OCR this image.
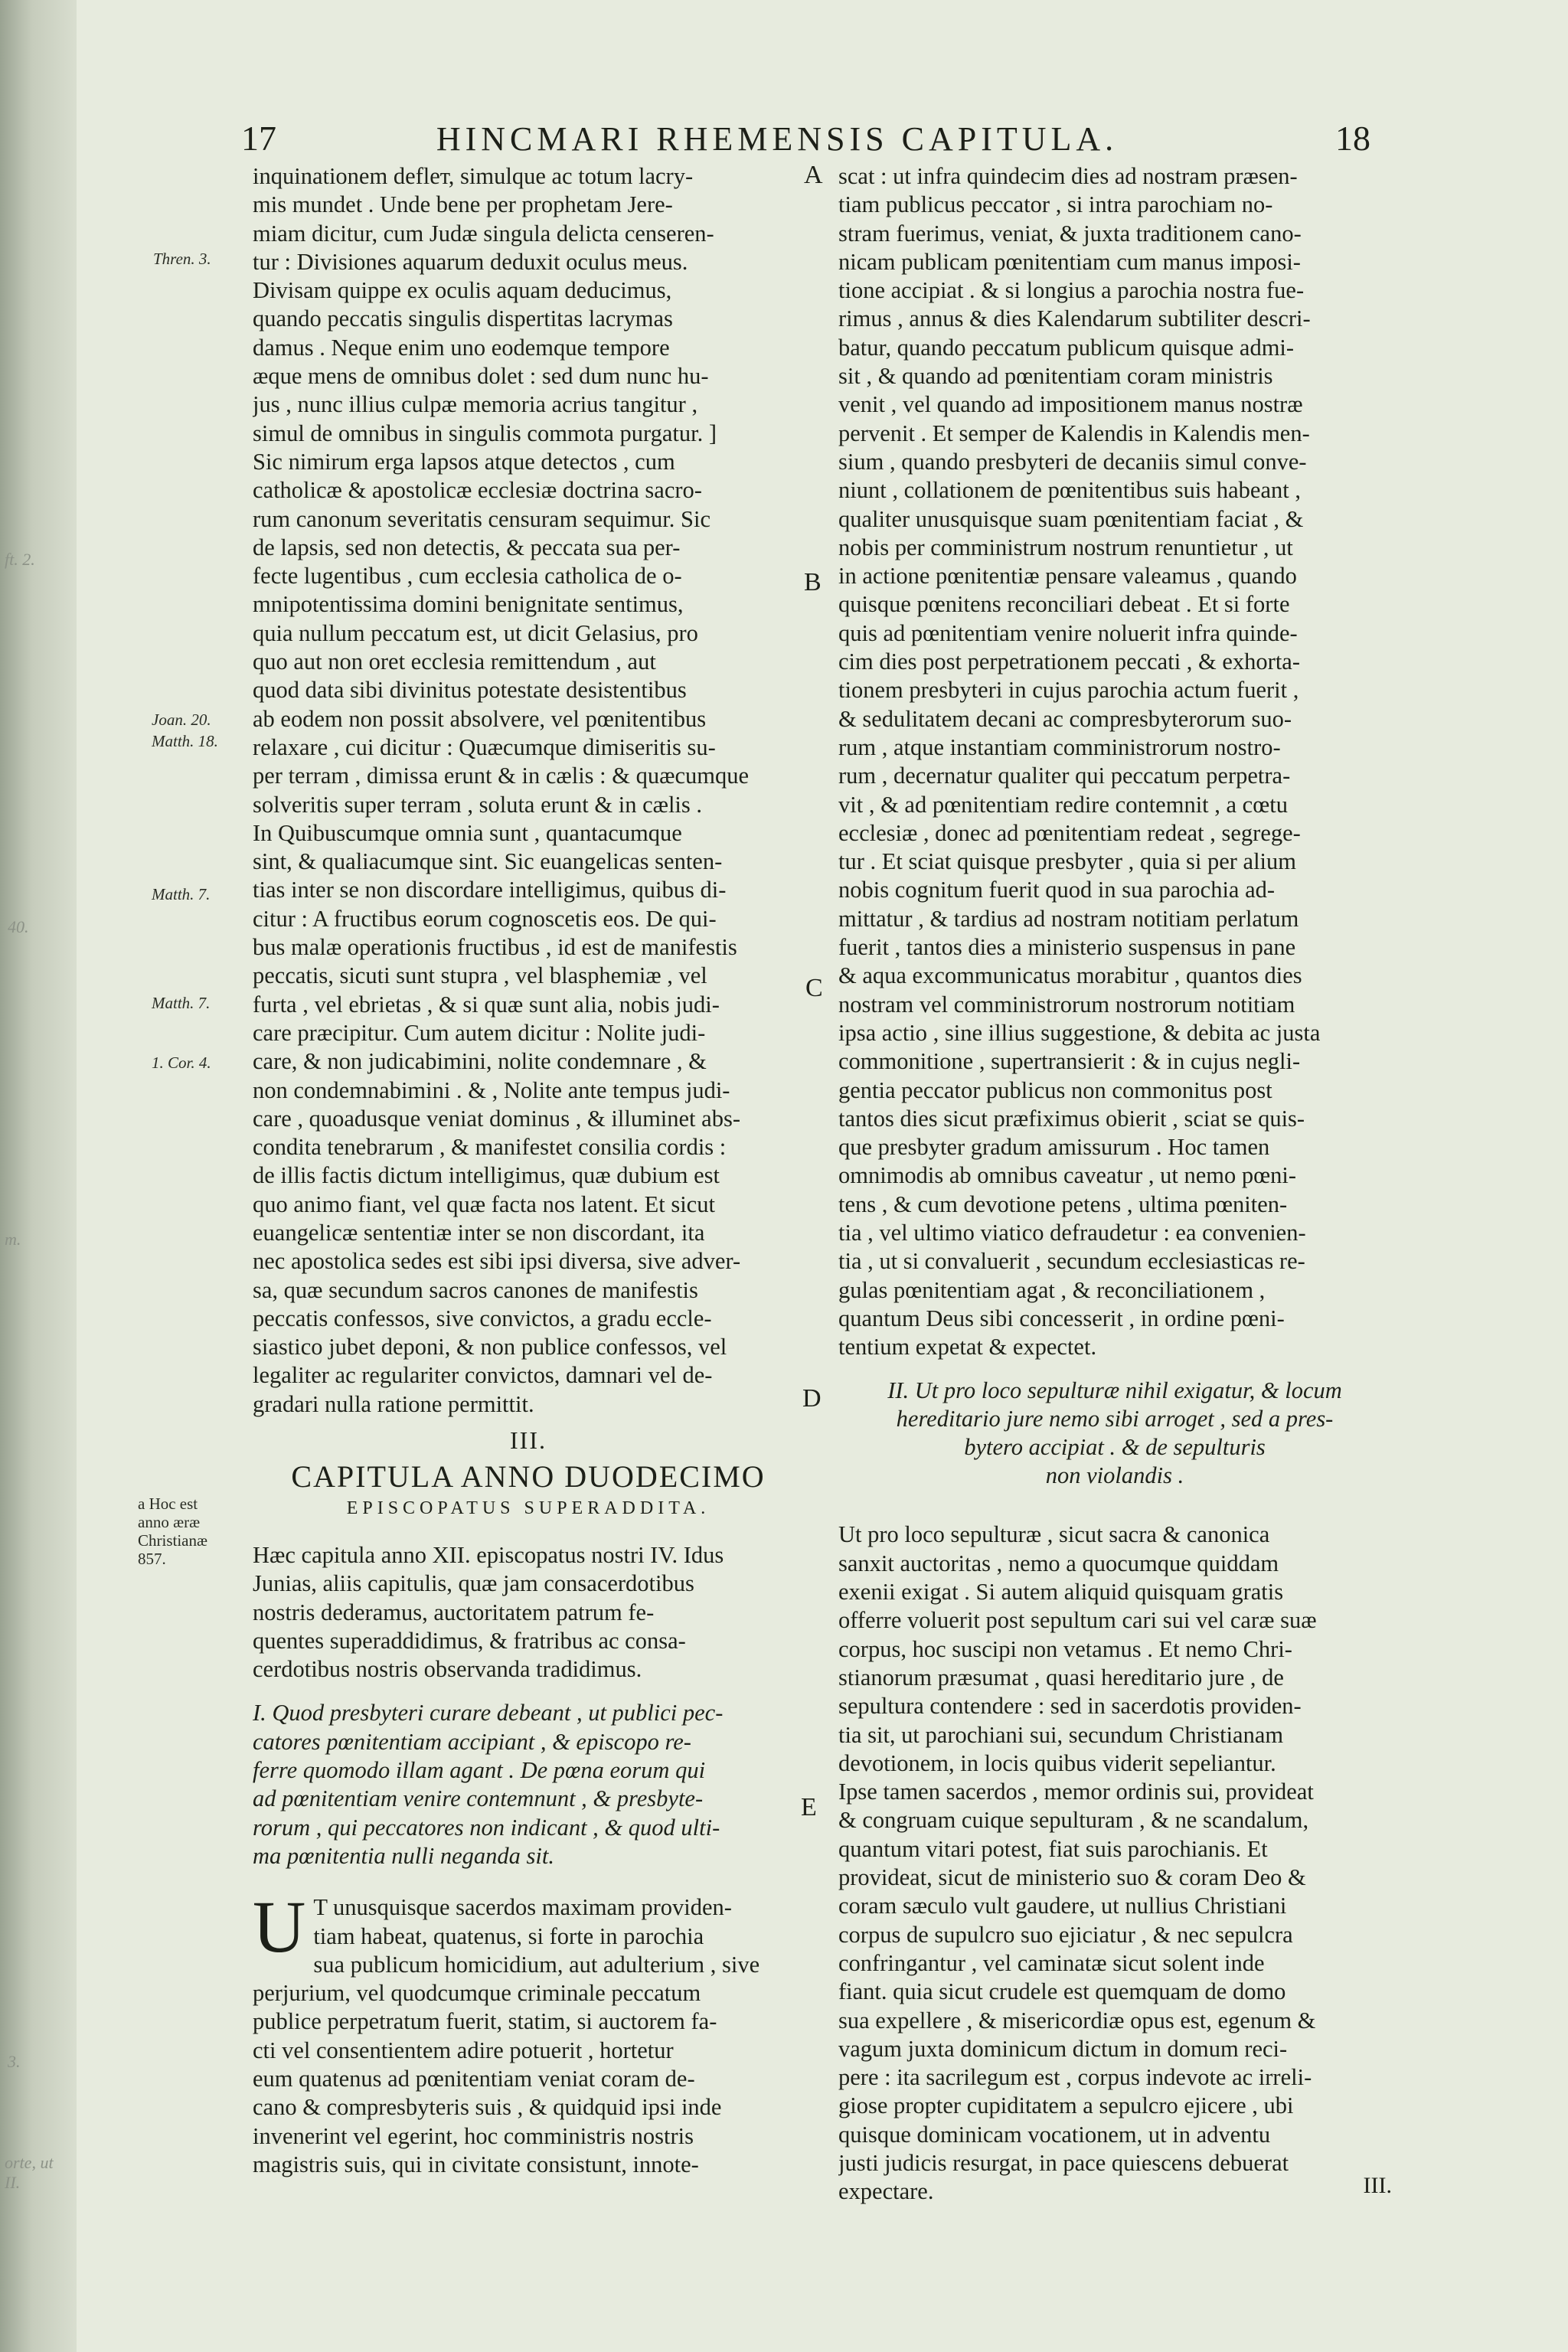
17	HINCMARI RHEMENSIS CAPITULA.	18
ft. 2.
40.
m.
3.
orte, ut II.
Thren. 3.
Joan. 20.
Matth. 18.
Matth. 7.
Matth. 7.
1. Cor. 4.
a Hoc est anno æræ Christianæ 857.
A
B
C
D
E
inquinationem defleт, simulque ac totum lacry-
mis mundet . Unde bene per prophetam Jere-
miam dicitur, cum Judæ singula delicta censeren-
tur : Divisiones aquarum deduxit oculus meus.
Divisam quippe ex oculis aquam deducimus,
quando peccatis singulis dispertitas lacrymas
damus . Neque enim uno eodemque tempore
æque mens de omnibus dolet : sed dum nunc hu-
jus , nunc illius culpæ memoria acrius tangitur ,
simul de omnibus in singulis commota purgatur. ]
Sic nimirum erga lapsos atque detectos , cum
catholicæ & apostolicæ ecclesiæ doctrina sacro-
rum canonum severitatis censuram sequimur. Sic
de lapsis, sed non detectis, & peccata sua per-
fecte lugentibus , cum ecclesia catholica de o-
mnipotentissima domini benignitate sentimus,
quia nullum peccatum est, ut dicit Gelasius, pro
quo aut non oret ecclesia remittendum , aut
quod data sibi divinitus potestate desistentibus
ab eodem non possit absolvere, vel pœnitentibus
relaxare , cui dicitur : Quæcumque dimiseritis su-
per terram , dimissa erunt & in cælis : & quæcumque
solveritis super terram , soluta erunt & in cælis .
In Quibuscumque omnia sunt , quantacumque
sint, & qualiacumque sint. Sic euangelicas senten-
tias inter se non discordare intelligimus, quibus di-
citur : A fructibus eorum cognoscetis eos. De qui-
bus malæ operationis fructibus , id est de manifestis
peccatis, sicuti sunt stupra , vel blasphemiæ , vel
furta , vel ebrietas , & si quæ sunt alia, nobis judi-
care præcipitur. Cum autem dicitur : Nolite judi-
care, & non judicabimini, nolite condemnare , &
non condemnabimini . & , Nolite ante tempus judi-
care , quoadusque veniat dominus , & illuminet abs-
condita tenebrarum , & manifestet consilia cordis :
de illis factis dictum intelligimus, quæ dubium est
quo animo fiant, vel quæ facta nos latent. Et sicut
euangelicæ sententiæ inter se non discordant, ita
nec apostolica sedes est sibi ipsi diversa, sive adver-
sa, quæ secundum sacros canones de manifestis
peccatis confessos, sive convictos, a gradu eccle-
siastico jubet deponi, & non publice confessos, vel
legaliter ac regulariter convictos, damnari vel de-
gradari nulla ratione permittit.
III.
CAPITULA ANNO DUODECIMO
EPISCOPATUS SUPERADDITA.
Hæc capitula anno XII. episcopatus nostri IV. Idus
Junias, aliis capitulis, quæ jam consacerdotibus
nostris dederamus, auctoritatem patrum fe-
quentes superaddidimus, & fratribus ac consa-
cerdotibus nostris observanda tradidimus.
I. Quod presbyteri curare debeant , ut publici pec-
catores pœnitentiam accipiant , & episcopo re-
ferre quomodo illam agant . De pœna eorum qui
ad pœnitentiam venire contemnunt , & presbyte-
rorum , qui peccatores non indicant , & quod ulti-
ma pœnitentia nulli neganda sit.
U T unusquisque sacerdos maximam providen-
tiam habeat, quatenus, si forte in parochia
sua publicum homicidium, aut adulterium , sive
perjurium, vel quodcumque criminale peccatum
publice perpetratum fuerit, statim, si auctorem fa-
cti vel consentientem adire potuerit , hortetur
eum quatenus ad pœnitentiam veniat coram de-
cano & compresbyteris suis , & quidquid ipsi inde
invenerint vel egerint, hoc comministris nostris
magistris suis, qui in civitate consistunt, innote-
scat : ut infra quindecim dies ad nostram præsen-
tiam publicus peccator , si intra parochiam no-
stram fuerimus, veniat, & juxta traditionem cano-
nicam publicam pœnitentiam cum manus imposi-
tione accipiat . & si longius a parochia nostra fue-
rimus , annus & dies Kalendarum subtiliter descri-
batur, quando peccatum publicum quisque admi-
sit , & quando ad pœnitentiam coram ministris
venit , vel quando ad impositionem manus nostræ
pervenit . Et semper de Kalendis in Kalendis men-
sium , quando presbyteri de decaniis simul conve-
niunt , collationem de pœnitentibus suis habeant ,
qualiter unusquisque suam pœnitentiam faciat , &
nobis per comministrum nostrum renuntietur , ut
in actione pœnitentiæ pensare valeamus , quando
quisque pœnitens reconciliari debeat . Et si forte
quis ad pœnitentiam venire noluerit infra quinde-
cim dies post perpetrationem peccati , & exhorta-
tionem presbyteri in cujus parochia actum fuerit ,
& sedulitatem decani ac compresbyterorum suo-
rum , atque instantiam comministrorum nostro-
rum , decernatur qualiter qui peccatum perpetra-
vit , & ad pœnitentiam redire contemnit , a cœtu
ecclesiæ , donec ad pœnitentiam redeat , segrege-
tur . Et sciat quisque presbyter , quia si per alium
nobis cognitum fuerit quod in sua parochia ad-
mittatur , & tardius ad nostram notitiam perlatum
fuerit , tantos dies a ministerio suspensus in pane
& aqua excommunicatus morabitur , quantos dies
nostram vel comministrorum nostrorum notitiam
ipsa actio , sine illius suggestione, & debita ac justa
commonitione , supertransierit : & in cujus negli-
gentia peccator publicus non commonitus post
tantos dies sicut præfiximus obierit , sciat se quis-
que presbyter gradum amissurum . Hoc tamen
omnimodis ab omnibus caveatur , ut nemo pœni-
tens , & cum devotione petens , ultima pœniten-
tia , vel ultimo viatico defraudetur : ea convenien-
tia , ut si convaluerit , secundum ecclesiasticas re-
gulas pœnitentiam agat , & reconciliationem ,
quantum Deus sibi concesserit , in ordine pœni-
tentium expetat & expectet.
II. Ut pro loco sepulturæ nihil exigatur, & locum
hereditario jure nemo sibi arroget , sed a pres-
bytero accipiat . & de sepulturis
non violandis .
Ut pro loco sepulturæ , sicut sacra & canonica
sanxit auctoritas , nemo a quocumque quiddam
exenii exigat . Si autem aliquid quisquam gratis
offerre voluerit post sepultum cari sui vel caræ suæ
corpus, hoc suscipi non vetamus . Et nemo Chri-
stianorum præsumat , quasi hereditario jure , de
sepultura contendere : sed in sacerdotis providen-
tia sit, ut parochiani sui, secundum Christianam
devotionem, in locis quibus viderit sepeliantur.
Ipse tamen sacerdos , memor ordinis sui, provideat
& congruam cuique sepulturam , & ne scandalum,
quantum vitari potest, fiat suis parochianis. Et
provideat, sicut de ministerio suo & coram Deo &
coram sæculo vult gaudere, ut nullius Christiani
corpus de supulcro suo ejiciatur , & nec sepulcra
confringantur , vel caminatæ sicut solent inde
fiant. quia sicut crudele est quemquam de domo
sua expellere , & misericordiæ opus est, egenum &
vagum juxta dominicum dictum in domum reci-
pere : ita sacrilegum est , corpus indevote ac irreli-
giose propter cupiditatem a sepulcro ejicere , ubi
quisque dominicam vocationem, ut in adventu
justi judicis resurgat, in pace quiescens debuerat
expectare.	III.
